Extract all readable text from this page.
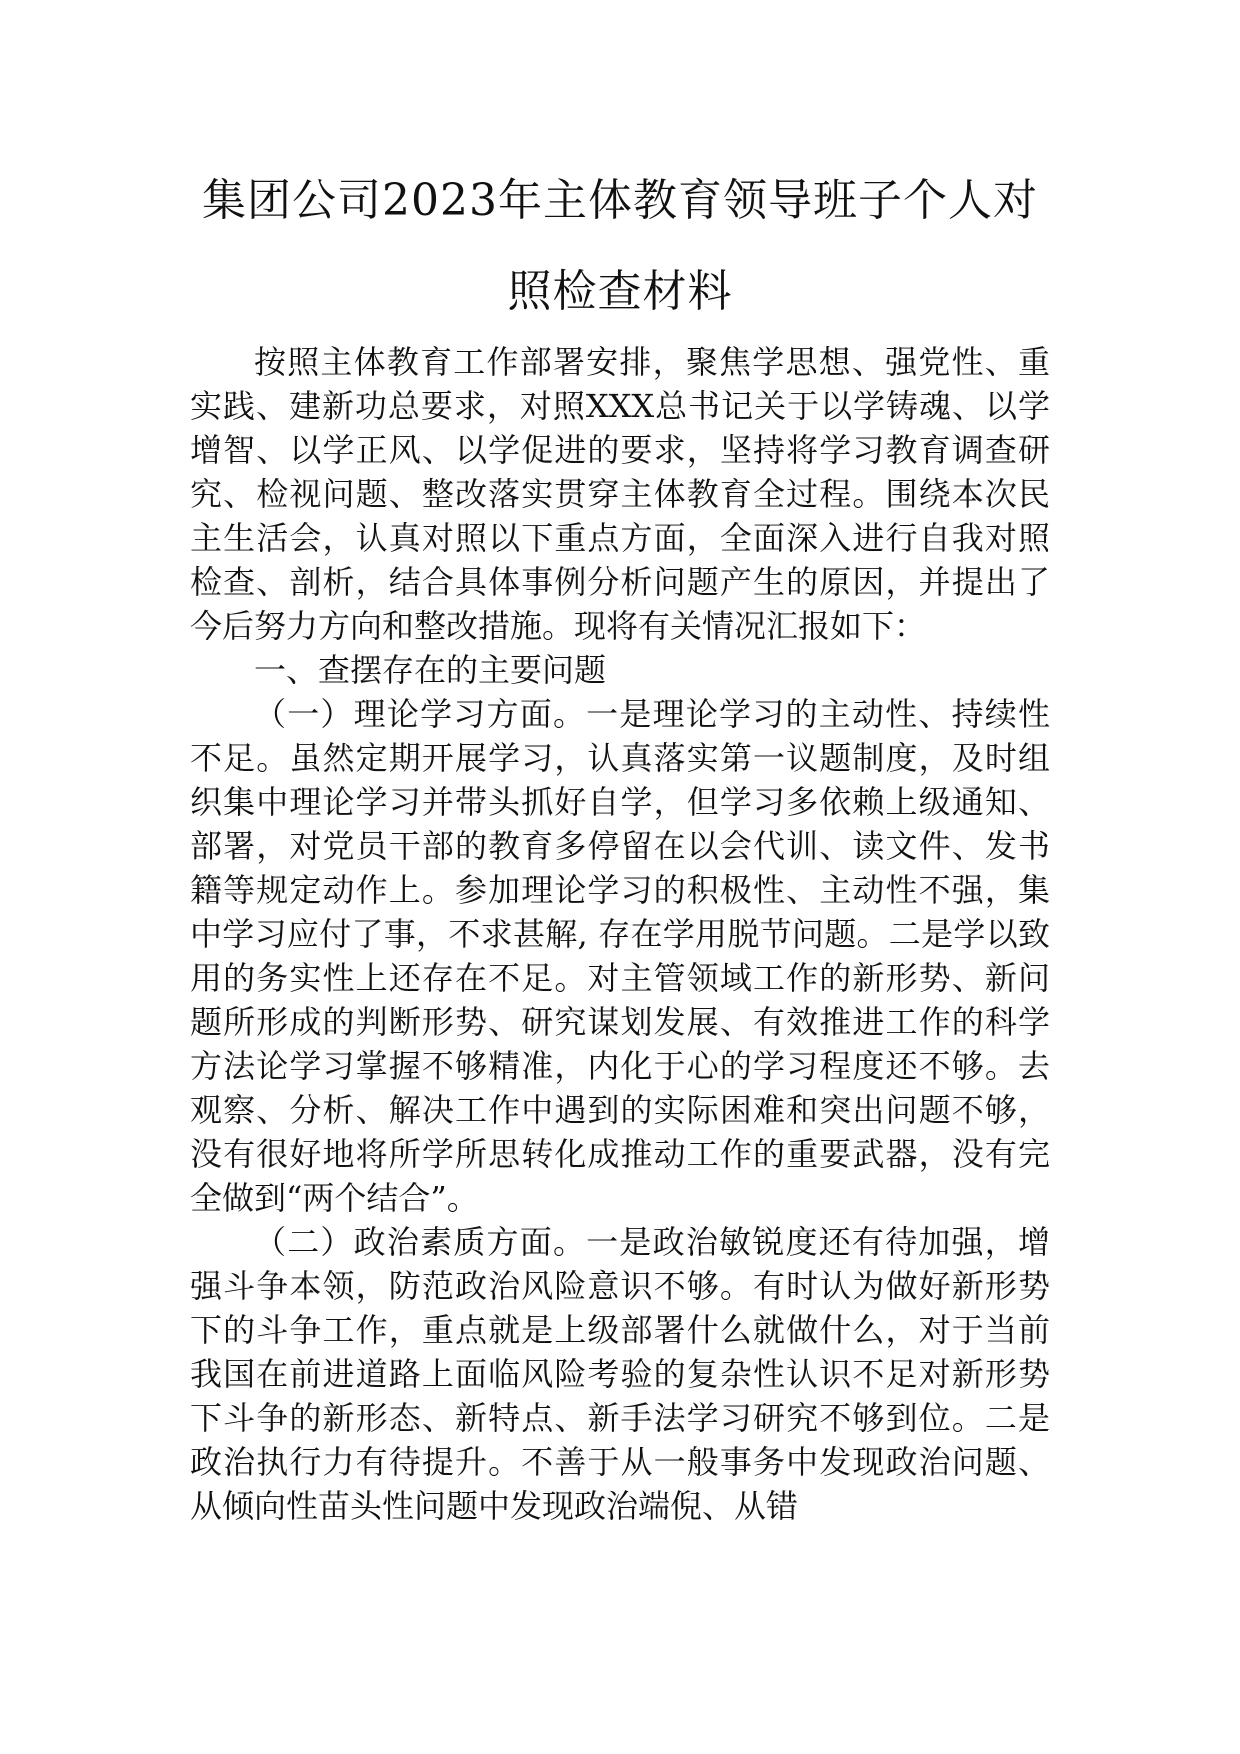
集团公司2023年主体教育领导班子个人对
照检查材料

按照主体教育工作部署安排，聚焦学思想、强党性、重实践、建新功总要求，对照XXX总书记关于以学铸魂、以学增智、以学正风、以学促进的要求，坚持将学习教育调查研究、检视问题、整改落实贯穿主体教育全过程。围绕本次民主生活会，认真对照以下重点方面，全面深入进行自我对照检查、剖析，结合具体事例分析问题产生的原因，并提出了今后努力方向和整改措施。现将有关情况汇报如下：

一、查摆存在的主要问题

（一）理论学习方面。一是理论学习的主动性、持续性不足。虽然定期开展学习，认真落实第一议题制度，及时组织集中理论学习并带头抓好自学，但学习多依赖上级通知、部署，对党员干部的教育多停留在以会代训、读文件、发书籍等规定动作上。参加理论学习的积极性、主动性不强，集中学习应付了事，不求甚解, 存在学用脱节问题。二是学以致用的务实性上还存在不足。对主管领域工作的新形势、新问题所形成的判断形势、研究谋划发展、有效推进工作的科学方法论学习掌握不够精准，内化于心的学习程度还不够。去观察、分析、解决工作中遇到的实际困难和突出问题不够，没有很好地将所学所思转化成推动工作的重要武器，没有完全做到“两个结合”。

（二）政治素质方面。一是政治敏锐度还有待加强，增强斗争本领，防范政治风险意识不够。有时认为做好新形势下的斗争工作，重点就是上级部署什么就做什么，对于当前我国在前进道路上面临风险考验的复杂性认识不足对新形势下斗争的新形态、新特点、新手法学习研究不够到位。二是政治执行力有待提升。不善于从一般事务中发现政治问题、从倾向性苗头性问题中发现政治端倪、从错
